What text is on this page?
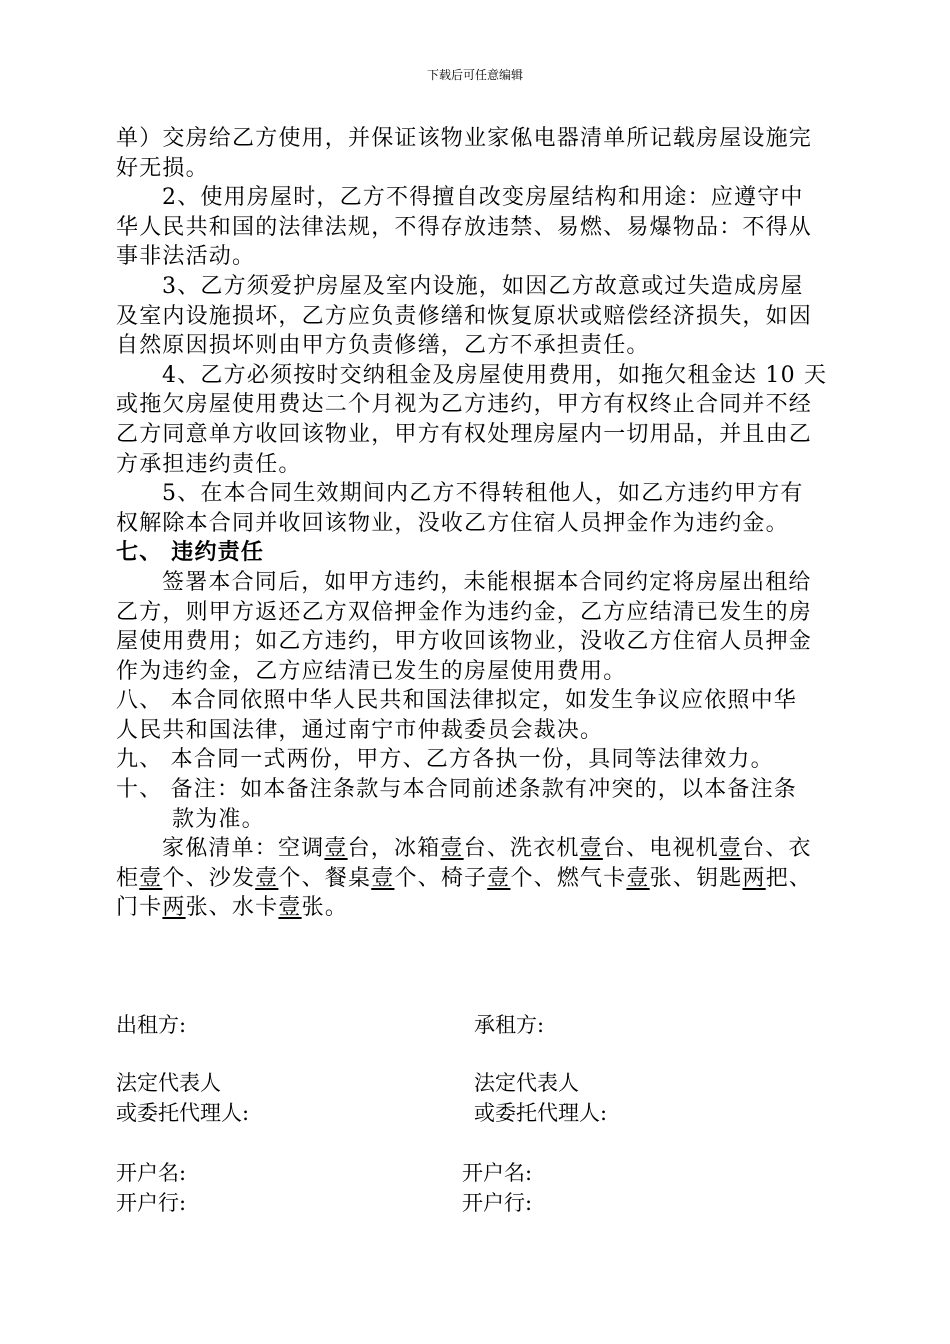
下载后可任意编辑
单）交房给乙方使用，并保证该物业家俬电器清单所记载房屋设施完
好无损。
2、使用房屋时，乙方不得擅自改变房屋结构和用途：应遵守中
华人民共和国的法律法规，不得存放违禁、易燃、易爆物品：不得从
事非法活动。
3、乙方须爱护房屋及室内设施，如因乙方故意或过失造成房屋
及室内设施损坏，乙方应负责修缮和恢复原状或赔偿经济损失，如因
自然原因损坏则由甲方负责修缮，乙方不承担责任。
4、乙方必须按时交纳租金及房屋使用费用，如拖欠租金达 10 天
或拖欠房屋使用费达二个月视为乙方违约，甲方有权终止合同并不经
乙方同意单方收回该物业，甲方有权处理房屋内一切用品，并且由乙
方承担违约责任。
5、在本合同生效期间内乙方不得转租他人，如乙方违约甲方有
权解除本合同并收回该物业，没收乙方住宿人员押金作为违约金。
七、 违约责任
签署本合同后，如甲方违约，未能根据本合同约定将房屋出租给
乙方，则甲方返还乙方双倍押金作为违约金，乙方应结清已发生的房
屋使用费用；如乙方违约，甲方收回该物业，没收乙方住宿人员押金
作为违约金，乙方应结清已发生的房屋使用费用。
八、 本合同依照中华人民共和国法律拟定，如发生争议应依照中华
人民共和国法律，通过南宁市仲裁委员会裁决。
九、 本合同一式两份，甲方、乙方各执一份，具同等法律效力。
十、 备注：如本备注条款与本合同前述条款有冲突的，以本备注条
款为准。
家俬清单：空调壹台，冰箱壹台、洗衣机壹台、电视机壹台、衣
柜壹个、沙发壹个、餐桌壹个、椅子壹个、燃气卡壹张、钥匙两把、
门卡两张、水卡壹张。
出租方:	承租方:
法定代表人	法定代表人
或委托代理人:	或委托代理人:
开户名:	开户名:
开户行:	开户行:
